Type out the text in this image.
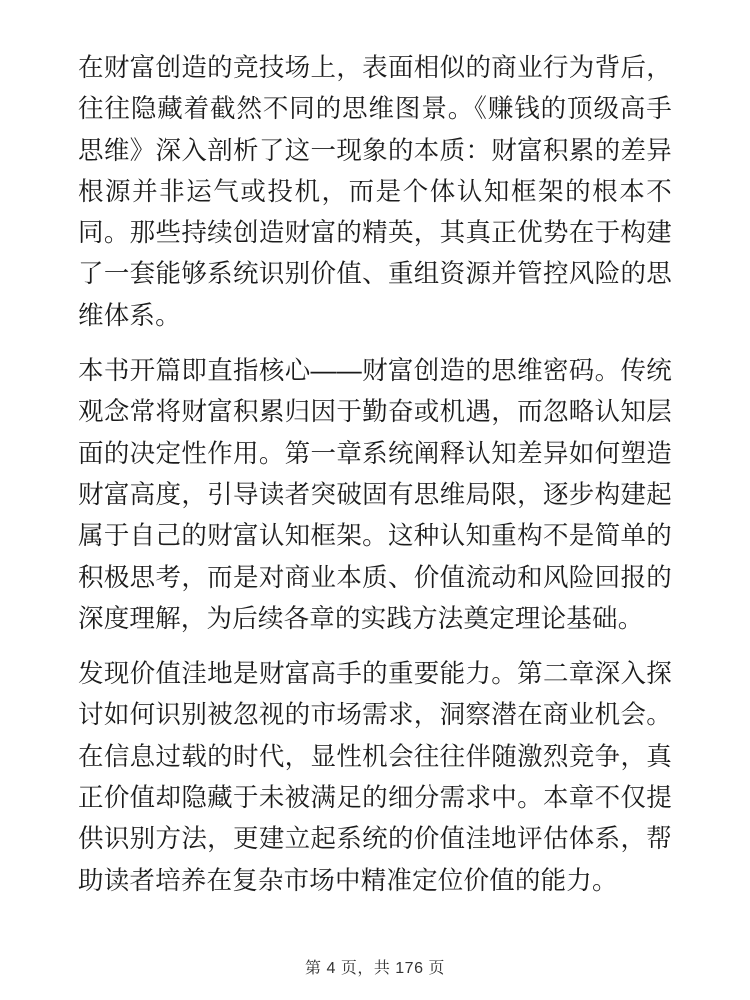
在财富创造的竞技场上，表面相似的商业行为背后，往往隐藏着截然不同的思维图景。《赚钱的顶级高手思维》深入剖析了这一现象的本质：财富积累的差异根源并非运气或投机，而是个体认知框架的根本不同。那些持续创造财富的精英，其真正优势在于构建了一套能够系统识别价值、重组资源并管控风险的思维体系。

本书开篇即直指核心——财富创造的思维密码。传统观念常将财富积累归因于勤奋或机遇，而忽略认知层面的决定性作用。第一章系统阐释认知差异如何塑造财富高度，引导读者突破固有思维局限，逐步构建起属于自己的财富认知框架。这种认知重构不是简单的积极思考，而是对商业本质、价值流动和风险回报的深度理解，为后续各章的实践方法奠定理论基础。

发现价值洼地是财富高手的重要能力。第二章深入探讨如何识别被忽视的市场需求，洞察潜在商业机会。在信息过载的时代，显性机会往往伴随激烈竞争，真正价值却隐藏于未被满足的细分需求中。本章不仅提供识别方法，更建立起系统的价值洼地评估体系，帮助读者培养在复杂市场中精准定位价值的能力。

第 4 页，共 176 页
